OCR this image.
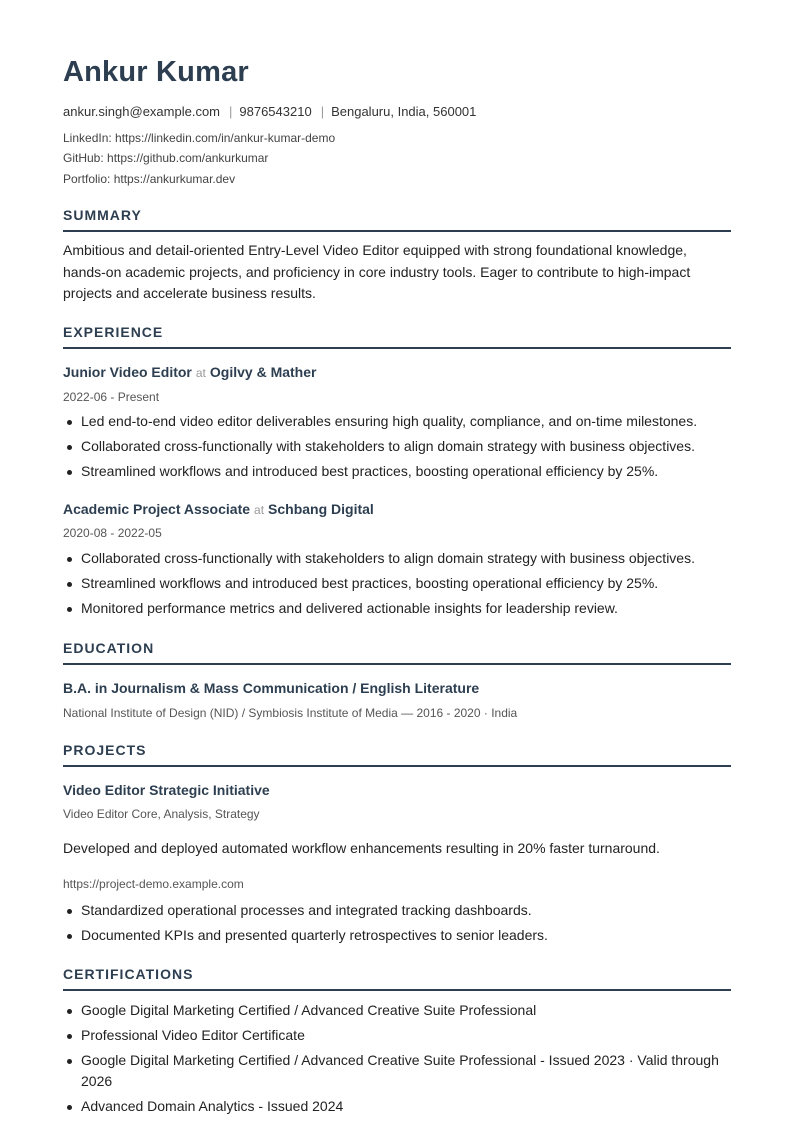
Ankur Kumar
ankur.singh@example.com | 9876543210 | Bengaluru, India, 560001
LinkedIn: https://linkedin.com/in/ankur-kumar-demo
GitHub: https://github.com/ankurkumar
Portfolio: https://ankurkumar.dev
SUMMARY

Ambitious and detail-oriented Entry-Level Video Editor equipped with strong foundational knowledge, hands-on academic projects, and proficiency in core industry tools. Eager to contribute to high-impact projects and accelerate business results.

EXPERIENCE
Junior Video Editor at Ogilvy & Mather
2022-06 - Present
Led end-to-end video editor deliverables ensuring high quality, compliance, and on-time milestones.
Collaborated cross-functionally with stakeholders to align domain strategy with business objectives.
Streamlined workflows and introduced best practices, boosting operational efficiency by 25%.
Academic Project Associate at Schbang Digital
2020-08 - 2022-05
Collaborated cross-functionally with stakeholders to align domain strategy with business objectives.
Streamlined workflows and introduced best practices, boosting operational efficiency by 25%.
Monitored performance metrics and delivered actionable insights for leadership review.
EDUCATION
B.A. in Journalism & Mass Communication / English Literature
National Institute of Design (NID) / Symbiosis Institute of Media — 2016 - 2020 · India
PROJECTS
Video Editor Strategic Initiative
Video Editor Core, Analysis, Strategy

Developed and deployed automated workflow enhancements resulting in 20% faster turnaround.

https://project-demo.example.com
Standardized operational processes and integrated tracking dashboards.
Documented KPIs and presented quarterly retrospectives to senior leaders.
CERTIFICATIONS
Google Digital Marketing Certified / Advanced Creative Suite Professional
Professional Video Editor Certificate
Google Digital Marketing Certified / Advanced Creative Suite Professional - Issued 2023 · Valid through 2026
Advanced Domain Analytics - Issued 2024
